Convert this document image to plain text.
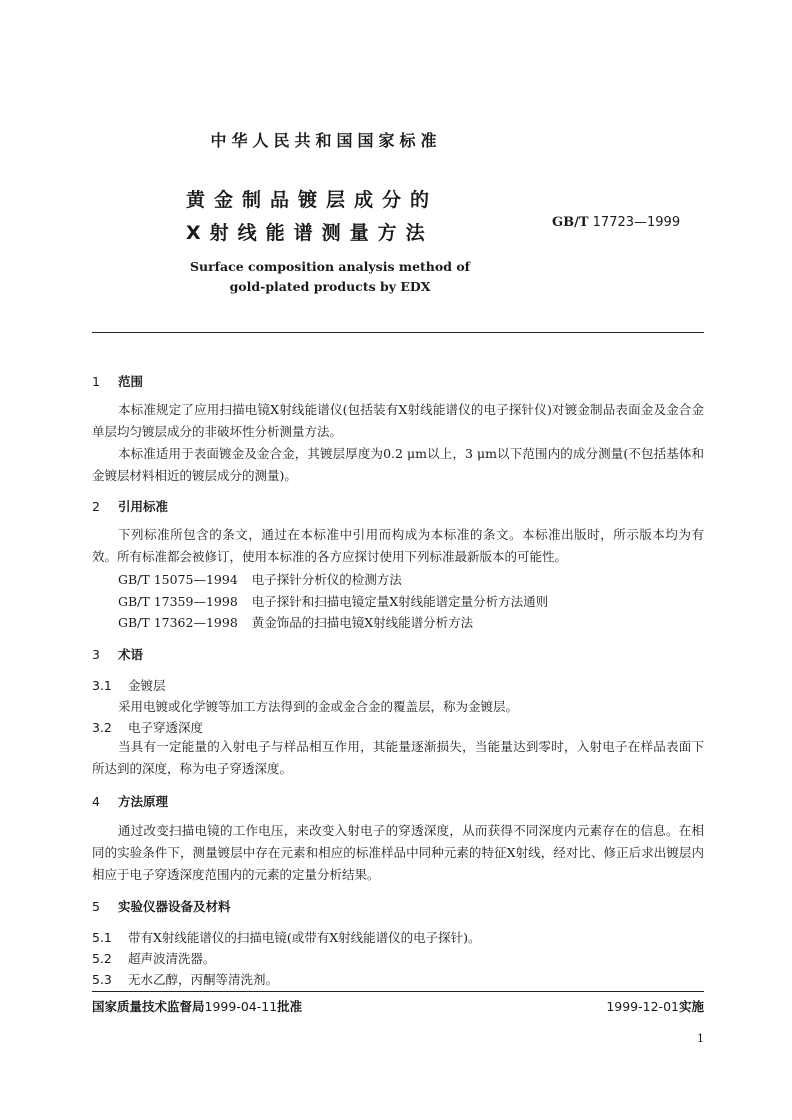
中华人民共和国国家标准
黄金制品镀层成分的
X射线能谱测量方法	GB/T 17723—1999
Surface composition analysis method of
gold-plated products by EDX
1 范围
本标准规定了应用扫描电镜X射线能谱仪(包括装有X射线能谱仪的电子探针仪)对镀金制品表面金及金合金单层均匀镀层成分的非破坏性分析测量方法。
本标准适用于表面镀金及金合金，其镀层厚度为0.2 μm以上，3 μm以下范围内的成分测量(不包括基体和金镀层材料相近的镀层成分的测量)。
2 引用标准
下列标准所包含的条文，通过在本标准中引用而构成为本标准的条文。本标准出版时，所示版本均为有效。所有标准都会被修订，使用本标准的各方应探讨使用下列标准最新版本的可能性。
GB/T 15075—1994 电子探针分析仪的检测方法
GB/T 17359—1998 电子探针和扫描电镜定量X射线能谱定量分析方法通则
GB/T 17362—1998 黄金饰品的扫描电镜X射线能谱分析方法
3 术语
3.1 金镀层
采用电镀或化学镀等加工方法得到的金或金合金的覆盖层，称为金镀层。
3.2 电子穿透深度
当具有一定能量的入射电子与样品相互作用，其能量逐渐损失，当能量达到零时，入射电子在样品表面下所达到的深度，称为电子穿透深度。
4 方法原理
通过改变扫描电镜的工作电压，来改变入射电子的穿透深度，从而获得不同深度内元素存在的信息。在相同的实验条件下，测量镀层中存在元素和相应的标准样品中同种元素的特征X射线，经对比、修正后求出镀层内相应于电子穿透深度范围内的元素的定量分析结果。
5 实验仪器设备及材料
5.1 带有X射线能谱仪的扫描电镜(或带有X射线能谱仪的电子探针)。
5.2 超声波清洗器。
5.3 无水乙醇，丙酮等清洗剂。
国家质量技术监督局1999-04-11批准	1999-12-01实施
1
